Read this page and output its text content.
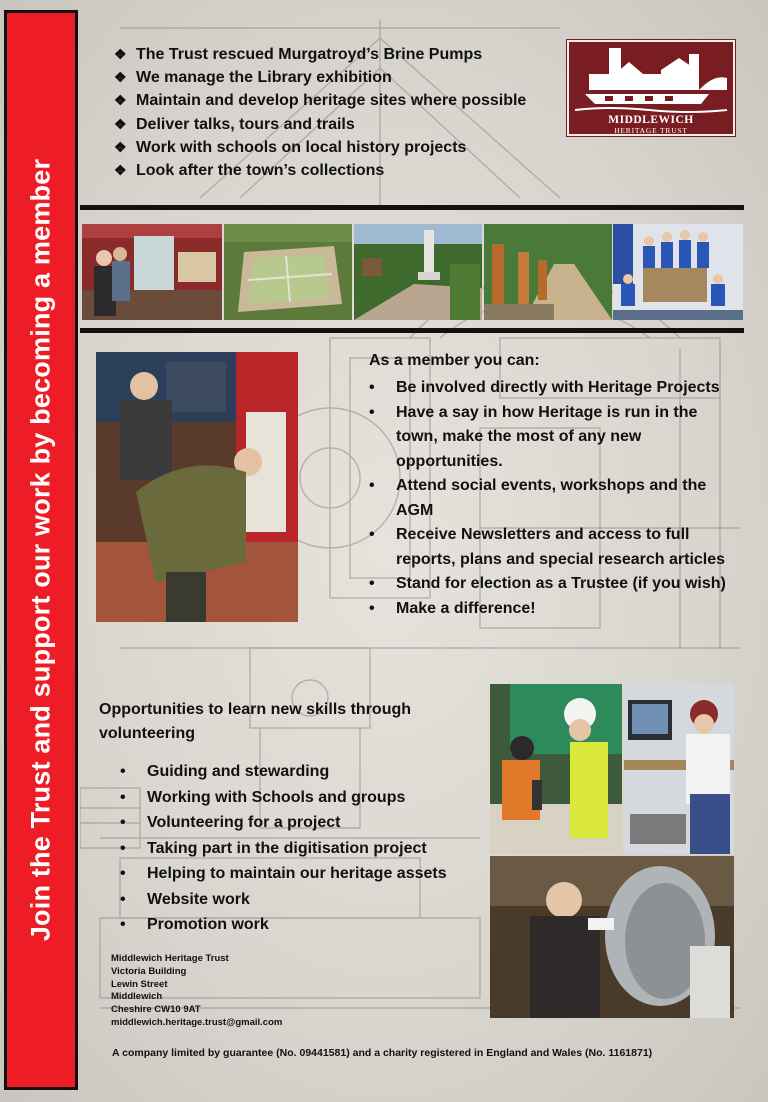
Join the Trust and support our work by becoming a member
❖ The Trust rescued Murgatroyd’s Brine Pumps
❖ We manage the Library exhibition
❖ Maintain and develop heritage sites where possible
❖ Deliver talks, tours and trails
❖ Work with schools on local history projects
❖ Look after the town’s collections
MIDDLEWICH
HERITAGE TRUST
As a member you can:
• Be involved directly with Heritage Projects
• Have a say in how Heritage is run in the town, make the most of any new opportunities.
• Attend social events, workshops and the AGM
• Receive Newsletters and access to full reports, plans and special research articles
• Stand for election as a Trustee (if you wish)
• Make a difference!
Opportunities to learn new skills through volunteering
• Guiding and stewarding
• Working with Schools and groups
• Volunteering for a project
• Taking part in the digitisation project
• Helping to maintain our heritage assets
• Website work
• Promotion work
Middlewich Heritage Trust
Victoria Building
Lewin Street
Middlewich
Cheshire CW10 9AT
middlewich.heritage.trust@gmail.com
A company limited by guarantee (No. 09441581) and a charity registered in England and Wales (No. 1161871)
